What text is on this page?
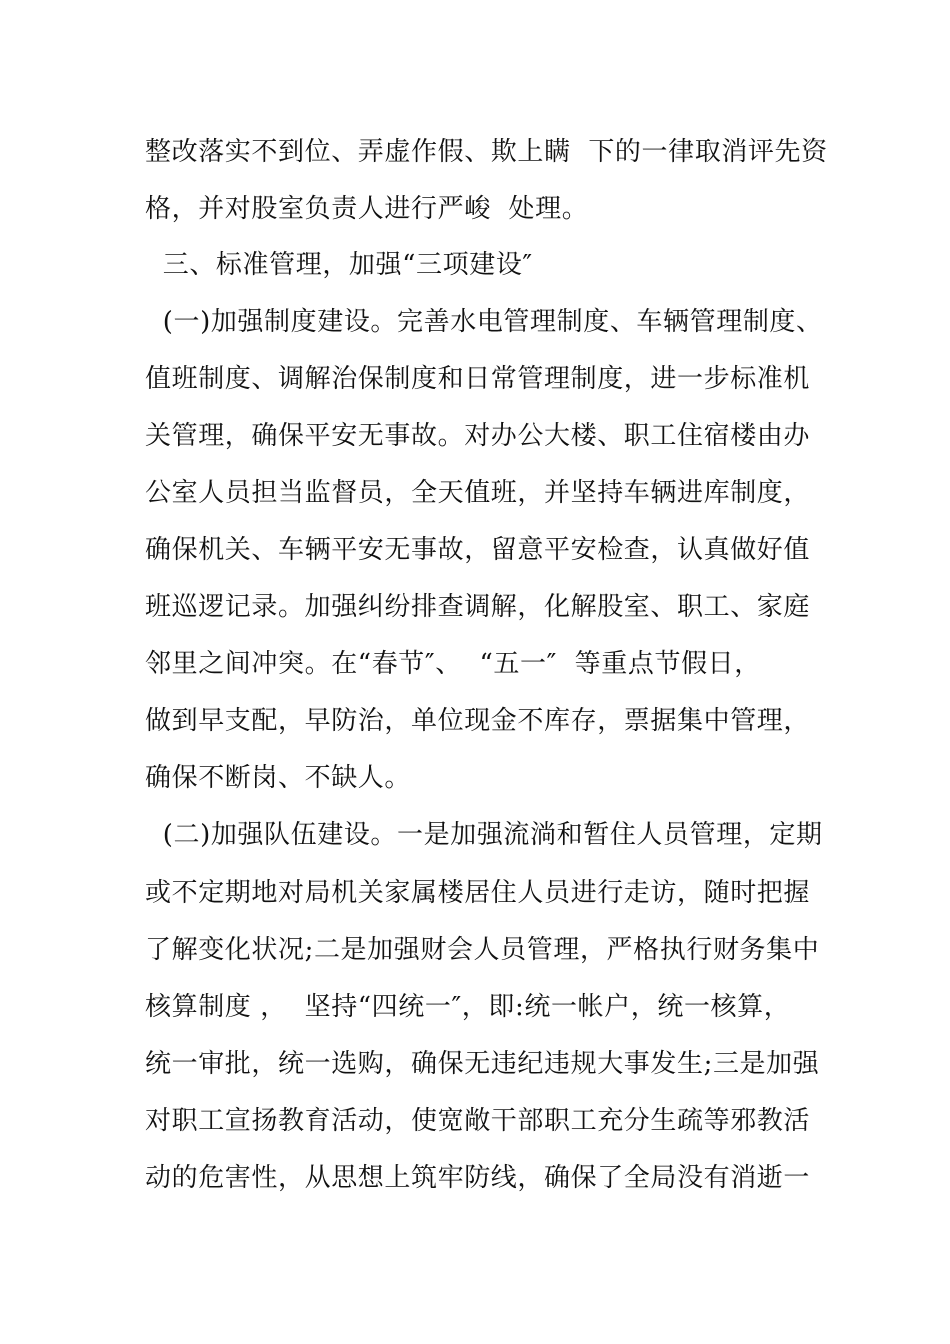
整改落实不到位、弄虚作假、欺上瞒  下的一律取消评先资
格，并对股室负责人进行严峻  处理。
三、标准管理，加强“三项建设″
(一)加强制度建设。完善水电管理制度、车辆管理制度、
值班制度、调解治保制度和日常管理制度，进一步标准机
关管理，确保平安无事故。对办公大楼、职工住宿楼由办
公室人员担当监督员，全天值班，并坚持车辆进库制度，
确保机关、车辆平安无事故，留意平安检查，认真做好值
班巡逻记录。加强纠纷排查调解，化解股室、职工、家庭
邻里之间冲突。在“春节″、  “五一″  等重点节假日，
做到早支配，早防治，单位现金不库存，票据集中管理，
确保不断岗、不缺人。
(二)加强队伍建设。一是加强流淌和暂住人员管理，定期
或不定期地对局机关家属楼居住人员进行走访，随时把握
了解变化状况;二是加强财会人员管理，严格执行财务集中
核算制度 ，  坚持“四统一″，即:统一帐户，统一核算，
统一审批，统一选购，确保无违纪违规大事发生;三是加强
对职工宣扬教育活动，使宽敞干部职工充分生疏等邪教活
动的危害性，从思想上筑牢防线，确保了全局没有消逝一
